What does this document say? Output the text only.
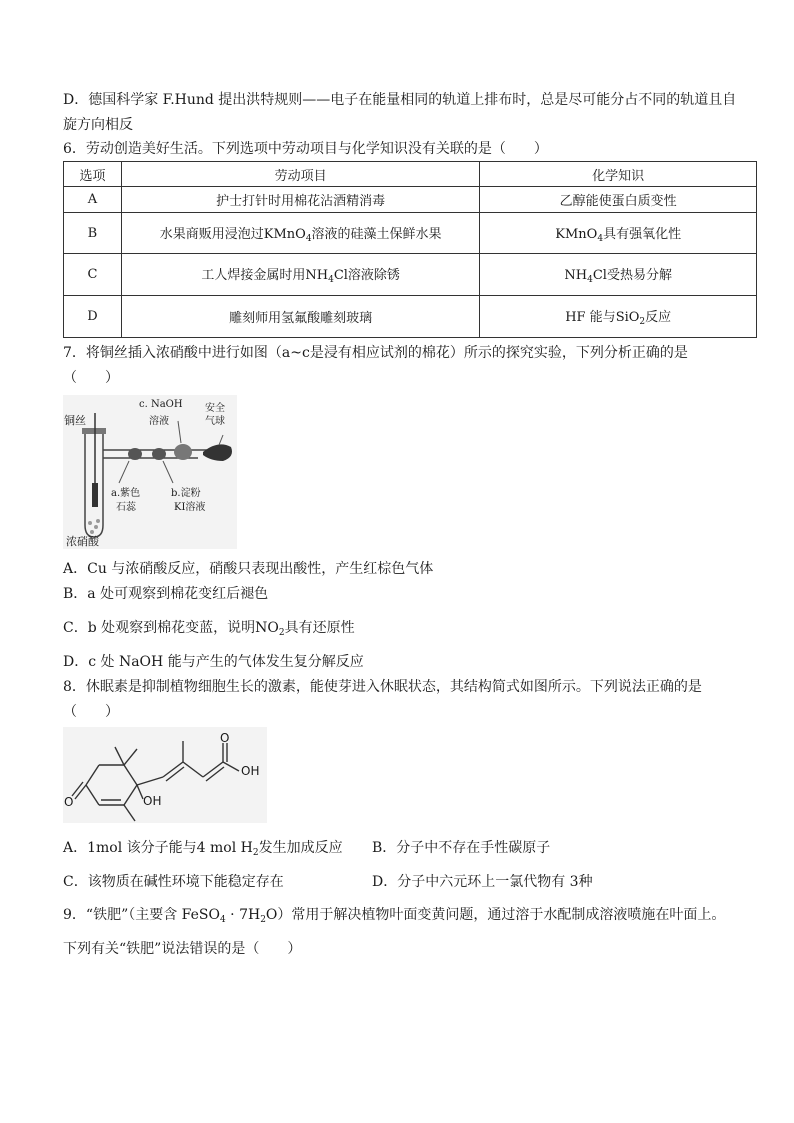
D．德国科学家 F.Hund 提出洪特规则——电子在能量相同的轨道上排布时，总是尽可能分占不同的轨道且自
旋方向相反
6．劳动创造美好生活。下列选项中劳动项目与化学知识没有关联的是（　　）
选项	劳动项目	化学知识
A	护士打针时用棉花沾酒精消毒	乙醇能使蛋白质变性
B	水果商贩用浸泡过KMnO$_4$溶液的硅藻土保鲜水果	KMnO$_4$具有强氧化性
C	工人焊接金属时用$NH_4Cl$溶液除锈	$NH_4Cl$受热易分解
D	雕刻师用氢氟酸雕刻玻璃	HF 能与SiO$_2$反应
7．将铜丝插入浓硝酸中进行如图（a~c是浸有相应试剂的棉花）所示的探究实验，下列分析正确的是
（　　）
铜丝
c. NaOH
溶液
安全
气球
a.紫色
石蕊
b.淀粉
KI溶液
浓硝酸
A．Cu 与浓硝酸反应，硝酸只表现出酸性，产生红棕色气体
B．a 处可观察到棉花变红后褪色
C．b 处观察到棉花变蓝，说明$NO_2$具有还原性
D．c 处 NaOH 能与产生的气体发生复分解反应
8．休眠素是抑制植物细胞生长的激素，能使芽进入休眠状态，其结构简式如图所示。下列说法正确的是
（　　）
O	OH
O
OH
A．1mol 该分子能与4 mol $H_2$发生加成反应 B．分子中不存在手性碳原子
C．该物质在碱性环境下能稳定存在	D．分子中六元环上一氯代物有 3种
9．“铁肥”（主要含 FeSO$_4$ · $7H_2O$）常用于解决植物叶面变黄问题，通过溶于水配制成溶液喷施在叶面上。
下列有关“铁肥”说法错误的是（　　）
